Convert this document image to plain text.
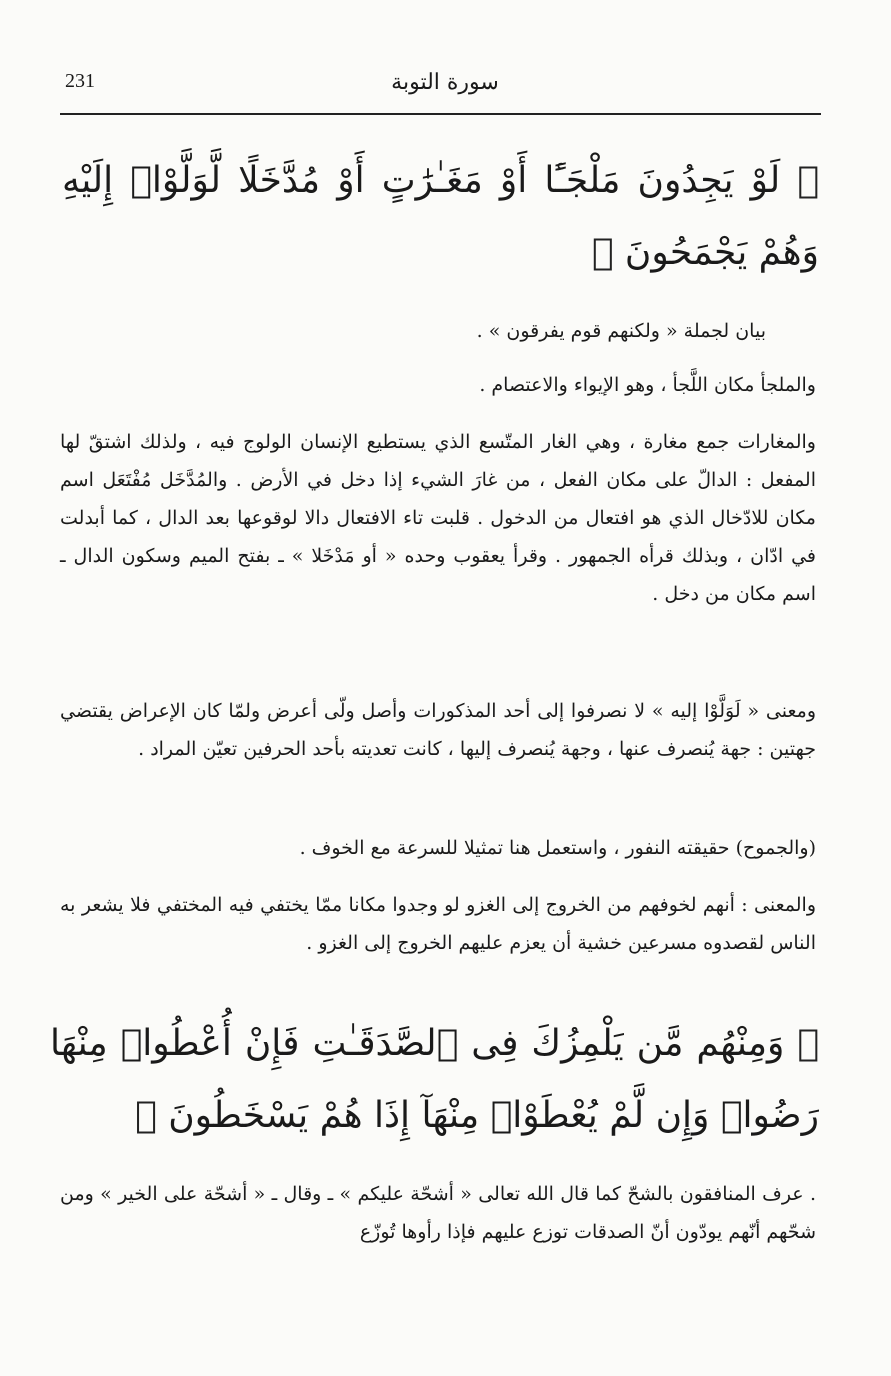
231	سورة التوبة
﴿ لَوْ يَجِدُونَ مَلْجَـًٔا أَوْ مَغَـٰرَٰتٍ أَوْ مُدَّخَلًا لَّوَلَّوْا۟ إِلَيْهِ وَهُمْ يَجْمَحُونَ ﴾
بيان لجملة « ولكنهم قوم يفرقون » .
والملجأ مكان اللَّجأ ، وهو الإيواء والاعتصام .
والمغارات جمع مغارة ، وهي الغار المتّسع الذي يستطيع الإنسان الولوج فيه ، ولذلك اشتقّ لها المفعل : الدالّ على مكان الفعل ، من غارَ الشيء إذا دخل في الأرض . والمُدَّخَل مُفْتَعَل اسم مكان للادّخال الذي هو افتعال من الدخول . قلبت تاء الافتعال دالا لوقوعها بعد الدال ، كما أبدلت في ادّان ، وبذلك قرأه الجمهور . وقرأ يعقوب وحده « أو مَدْخَلا » ـ بفتح الميم وسكون الدال ـ اسم مكان من دخل .
ومعنى « لَوَلَّوْا إليه » لا نصرفوا إلى أحد المذكورات وأصل ولّى أعرض ولمّا كان الإعراض يقتضي جهتين : جهة يُنصرف عنها ، وجهة يُنصرف إليها ، كانت تعديته بأحد الحرفين تعيّن المراد .
(والجموح) حقيقته النفور ، واستعمل هنا تمثيلا للسرعة مع الخوف .
والمعنى : أنهم لخوفهم من الخروج إلى الغزو لو وجدوا مكانا ممّا يختفي فيه المختفي فلا يشعر به الناس لقصدوه مسرعين خشية أن يعزم عليهم الخروج إلى الغزو .
﴿ وَمِنْهُم مَّن يَلْمِزُكَ فِى ٱلصَّدَقَـٰتِ فَإِنْ أُعْطُوا۟ مِنْهَا رَضُوا۟ وَإِن لَّمْ يُعْطَوْا۟ مِنْهَآ إِذَا هُمْ يَسْخَطُونَ ﴾
. عرف المنافقون بالشحّ كما قال الله تعالى « أشحّة عليكم » ـ وقال ـ « أشحّة على الخير » ومن شحّهم أنّهم يودّون أنّ الصدقات توزع عليهم فإذا رأوها تُوزّع
